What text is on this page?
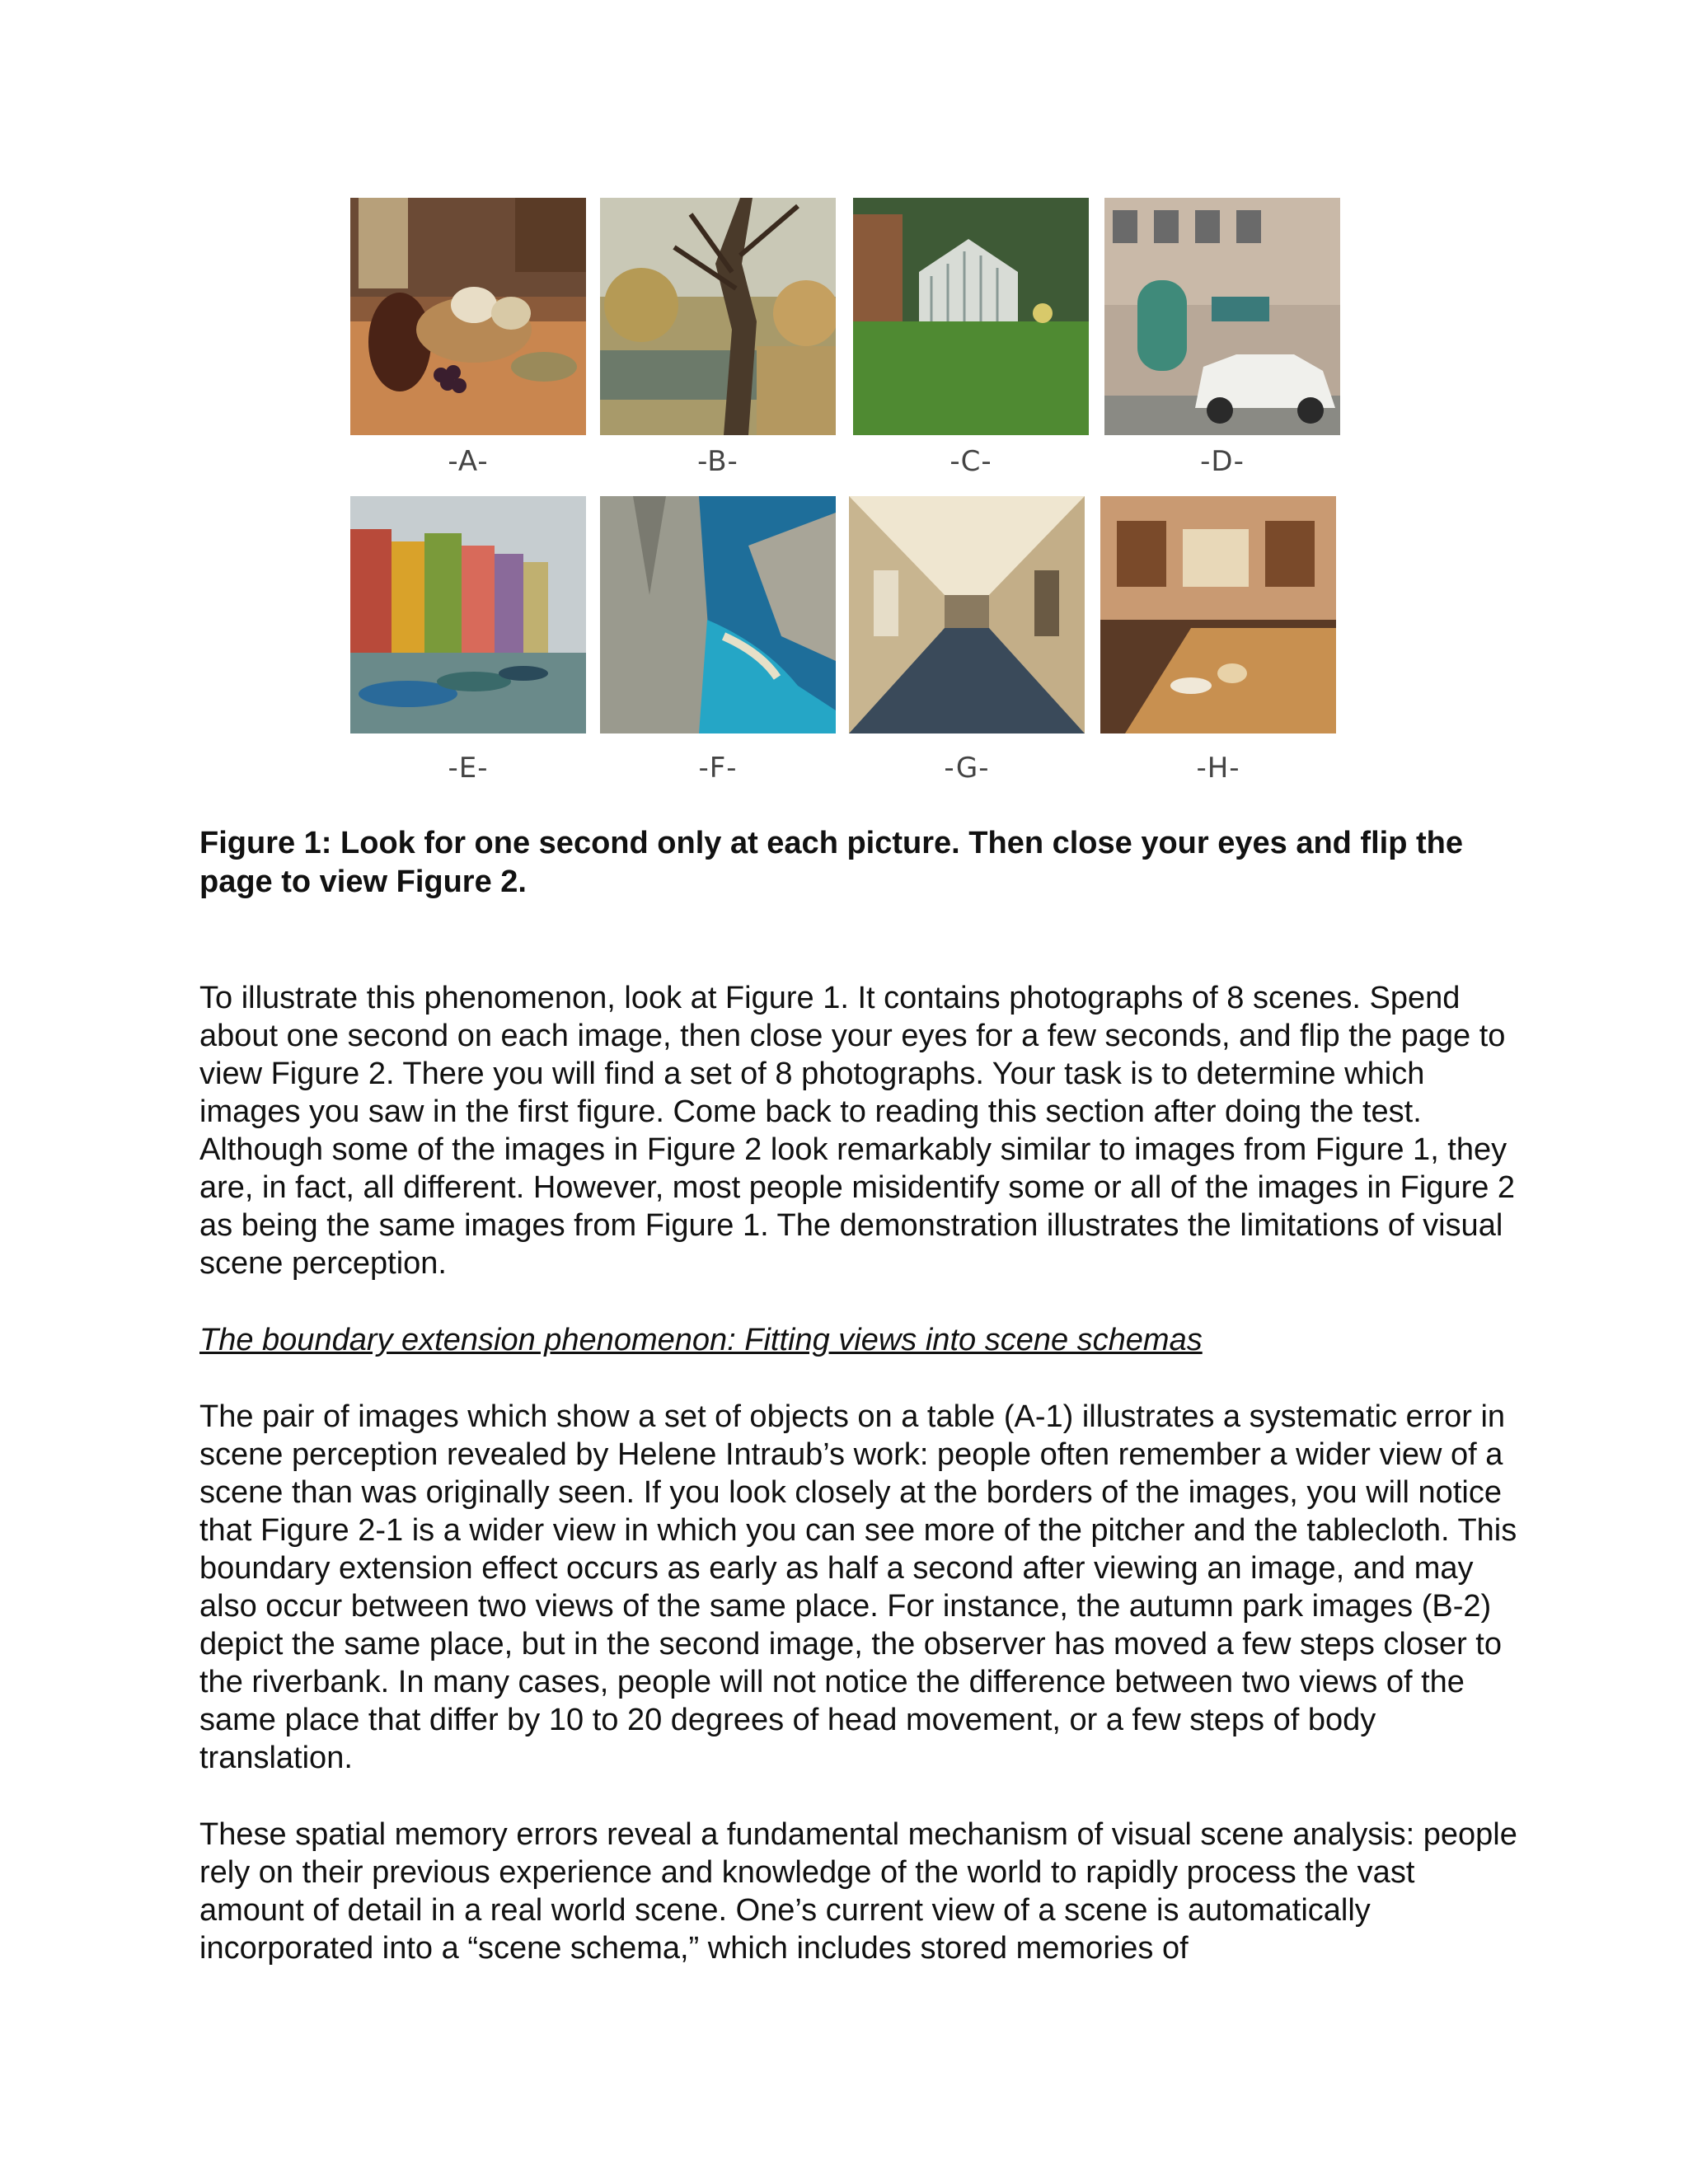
-A-	-B-	-C-	-D-
-E-	-F-	-G-	-H-
Figure 1: Look for one second only at each picture. Then close your eyes and flip the page to view Figure 2.
To illustrate this phenomenon, look at Figure 1. It contains photographs of 8 scenes. Spend about one second on each image, then close your eyes for a few seconds, and flip the page to view Figure 2. There you will find a set of 8 photographs. Your task is to determine which images you saw in the first figure. Come back to reading this section after doing the test. Although some of the images in Figure 2 look remarkably similar to images from Figure 1, they are, in fact, all different. However, most people misidentify some or all of the images in Figure 2 as being the same images from Figure 1. The demonstration illustrates the limitations of visual scene perception.
The boundary extension phenomenon: Fitting views into scene schemas
The pair of images which show a set of objects on a table (A-1) illustrates a systematic error in scene perception revealed by Helene Intraub’s work: people often remember a wider view of a scene than was originally seen. If you look closely at the borders of the images, you will notice that Figure 2-1 is a wider view in which you can see more of the pitcher and the tablecloth. This boundary extension effect occurs as early as half a second after viewing an image, and may also occur between two views of the same place. For instance, the autumn park images (B-2) depict the same place, but in the second image, the observer has moved a few steps closer to the riverbank. In many cases, people will not notice the difference between two views of the same place that differ by 10 to 20 degrees of head movement, or a few steps of body translation.
These spatial memory errors reveal a fundamental mechanism of visual scene analysis: people rely on their previous experience and knowledge of the world to rapidly process the vast amount of detail in a real world scene. One’s current view of a scene is automatically incorporated into a “scene schema,” which includes stored memories of
